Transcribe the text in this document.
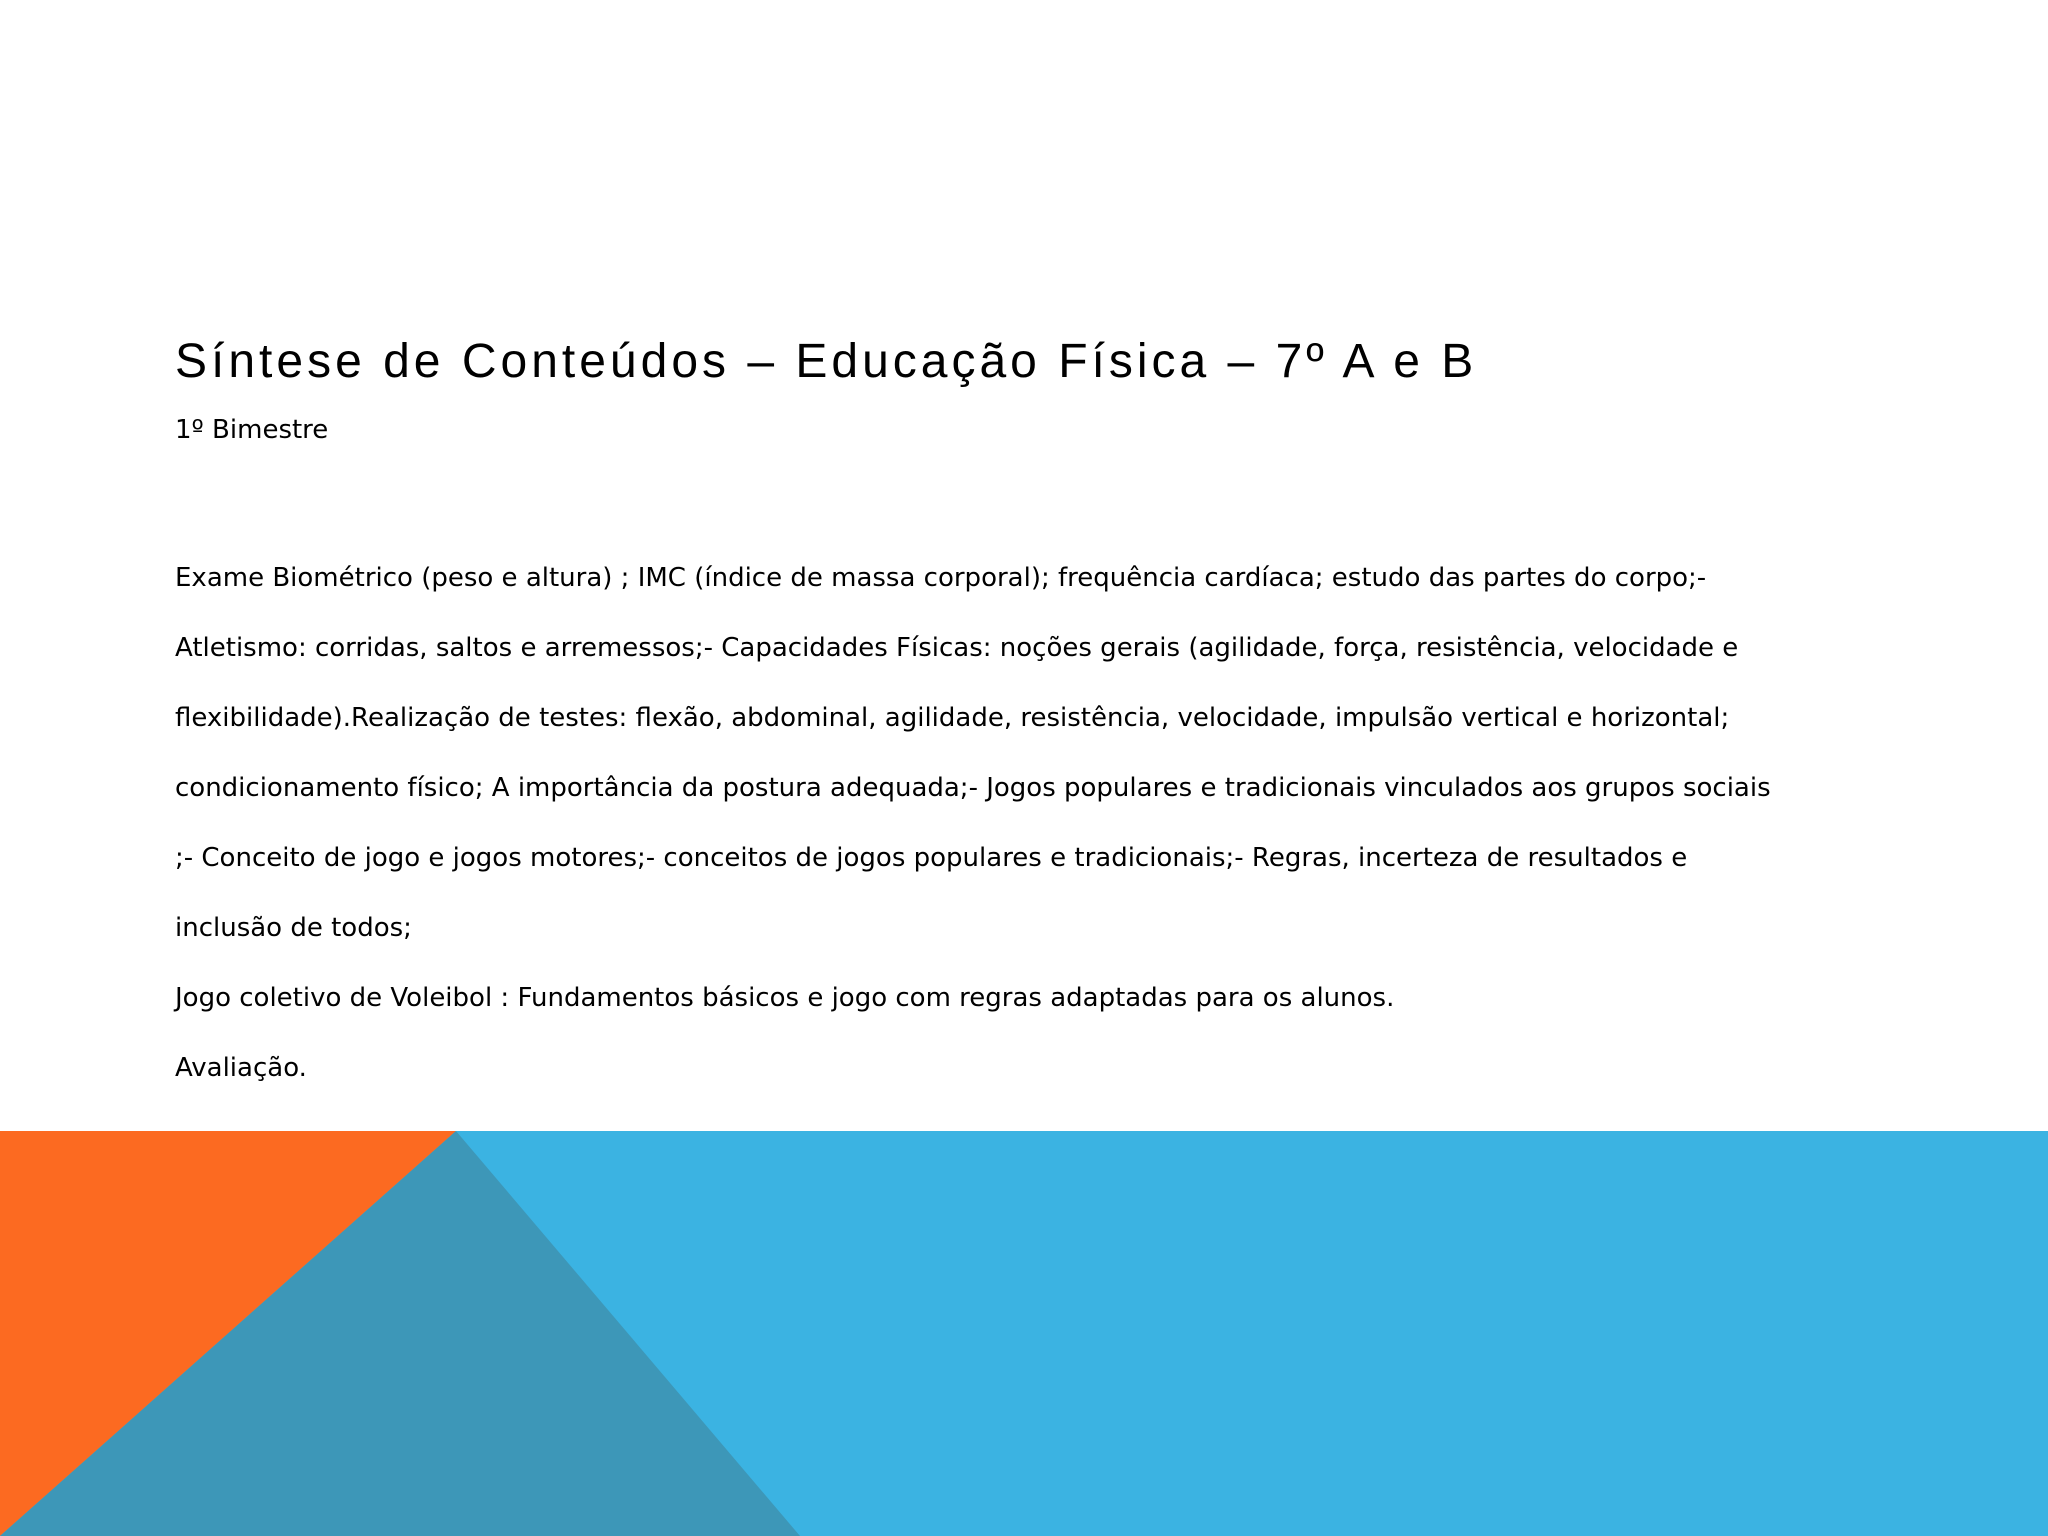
Síntese de Conteúdos – Educação Física – 7º A e B

1º Bimestre

Exame Biométrico (peso e altura) ; IMC (índice de massa corporal); frequência cardíaca; estudo das partes do corpo;- Atletismo: corridas, saltos e arremessos;- Capacidades Físicas: noções gerais (agilidade, força, resistência, velocidade e flexibilidade).Realização de testes: flexão, abdominal, agilidade, resistência, velocidade, impulsão vertical e horizontal; condicionamento físico; A importância da postura adequada;- Jogos populares e tradicionais vinculados aos grupos sociais ;- Conceito de jogo e jogos motores;- conceitos de jogos populares e tradicionais;- Regras, incerteza de resultados e inclusão de todos;

Jogo coletivo de Voleibol : Fundamentos básicos e jogo com regras adaptadas para os alunos.

Avaliação.
